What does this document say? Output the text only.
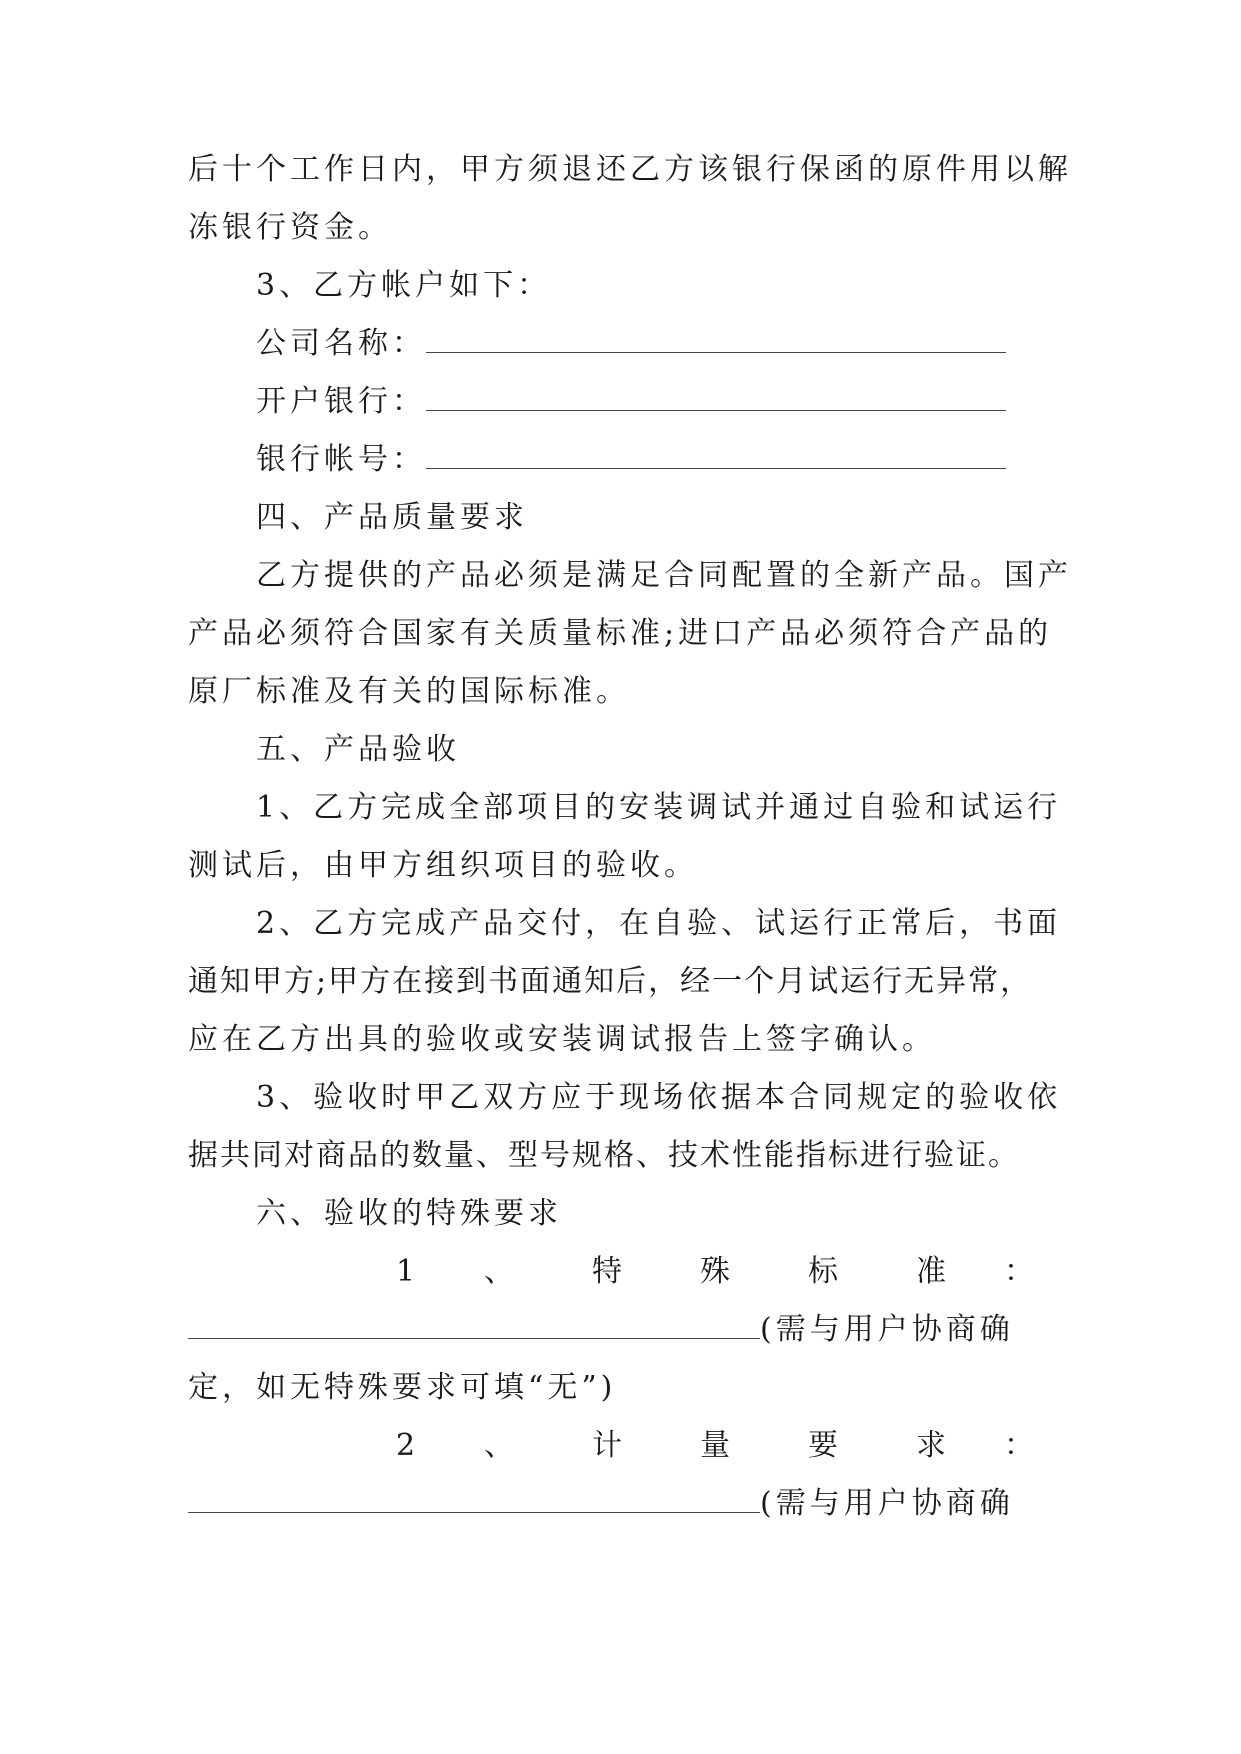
后十个工作日内，甲方须退还乙方该银行保函的原件用以解
冻银行资金。
3、乙方帐户如下：
公司名称：
开户银行：
银行帐号：
四、产品质量要求
乙方提供的产品必须是满足合同配置的全新产品。国产
产品必须符合国家有关质量标准;进口产品必须符合产品的
原厂标准及有关的国际标准。
五、产品验收
1、乙方完成全部项目的安装调试并通过自验和试运行
测试后，由甲方组织项目的验收。
2、乙方完成产品交付，在自验、试运行正常后，书面
通知甲方;甲方在接到书面通知后，经一个月试运行无异常，
应在乙方出具的验收或安装调试报告上签字确认。
3、验收时甲乙双方应于现场依据本合同规定的验收依
据共同对商品的数量、型号规格、技术性能指标进行验证。
六、验收的特殊要求
1 、	特	殊	标	准 ：
(需与用户协商确
定，如无特殊要求可填“无”)
2 、	计	量	要	求 ：
(需与用户协商确
